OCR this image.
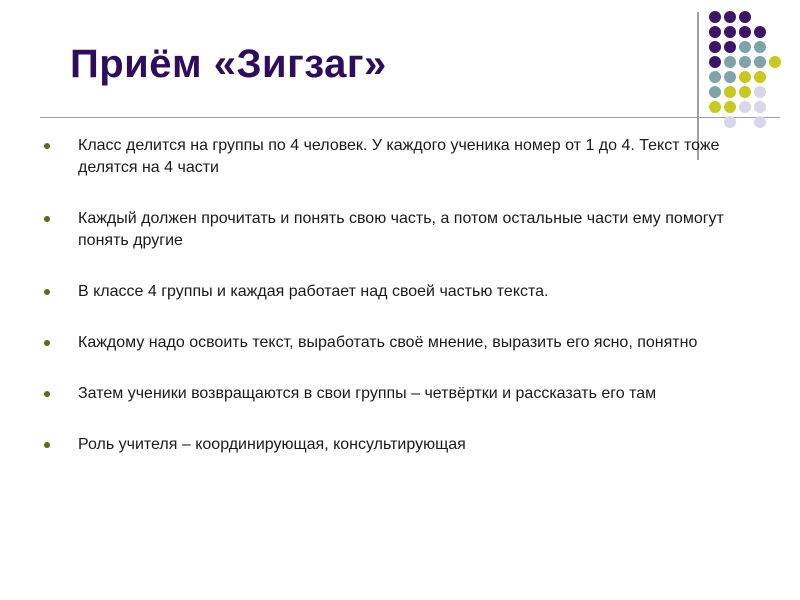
Приём «Зигзаг»
Класс делится на группы по 4 человек. У каждого ученика номер от 1 до 4. Текст тоже делятся на 4 части
Каждый должен прочитать и понять свою часть, а потом остальные части ему помогут понять другие
В классе 4 группы и каждая работает над своей частью текста.
Каждому надо освоить текст, выработать своё мнение, выразить его ясно, понятно
Затем ученики возвращаются в свои группы – четвёртки и рассказать его там
Роль учителя – координирующая, консультирующая
